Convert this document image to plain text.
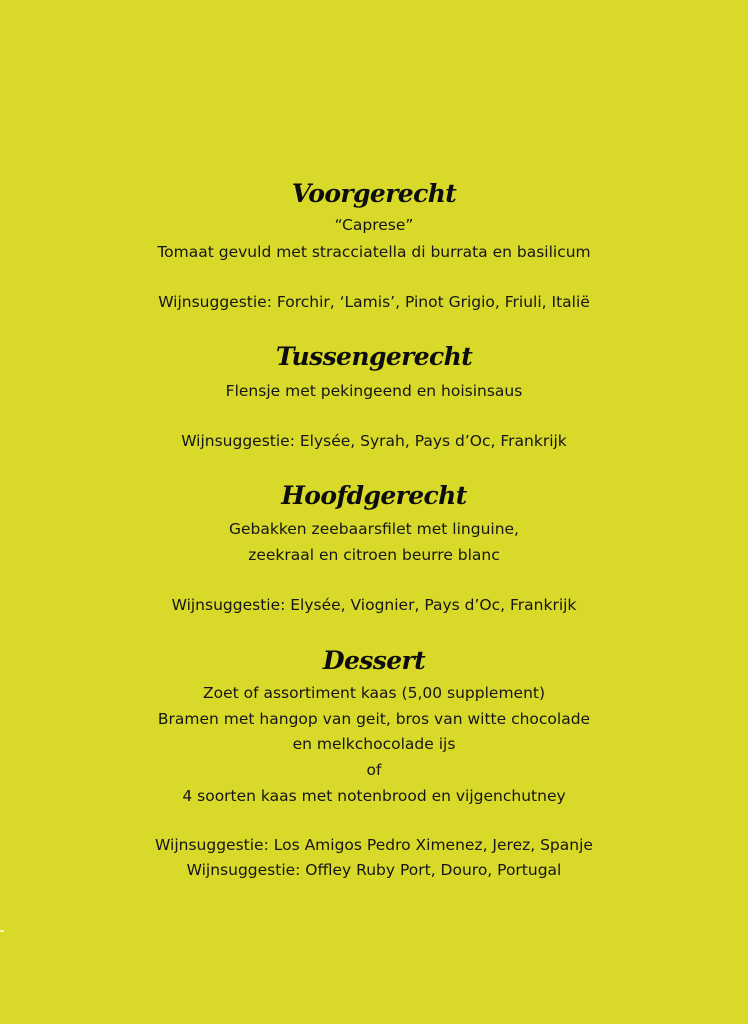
Voorgerecht
“Caprese”
Tomaat gevuld met stracciatella di burrata en basilicum
Wijnsuggestie: Forchir, ‘Lamis’, Pinot Grigio, Friuli, Italië
Tussengerecht
Flensje met pekingeend en hoisinsaus
Wijnsuggestie: Elysée, Syrah, Pays d’Oc, Frankrijk
Hoofdgerecht
Gebakken zeebaarsfilet met linguine,
zeekraal en citroen beurre blanc
Wijnsuggestie: Elysée, Viognier, Pays d’Oc, Frankrijk
Dessert
Zoet of assortiment kaas (5,00 supplement)
Bramen met hangop van geit, bros van witte chocolade
en melkchocolade ijs
of
4 soorten kaas met notenbrood en vijgenchutney
Wijnsuggestie: Los Amigos Pedro Ximenez, Jerez, Spanje
Wijnsuggestie: Offley Ruby Port, Douro, Portugal
